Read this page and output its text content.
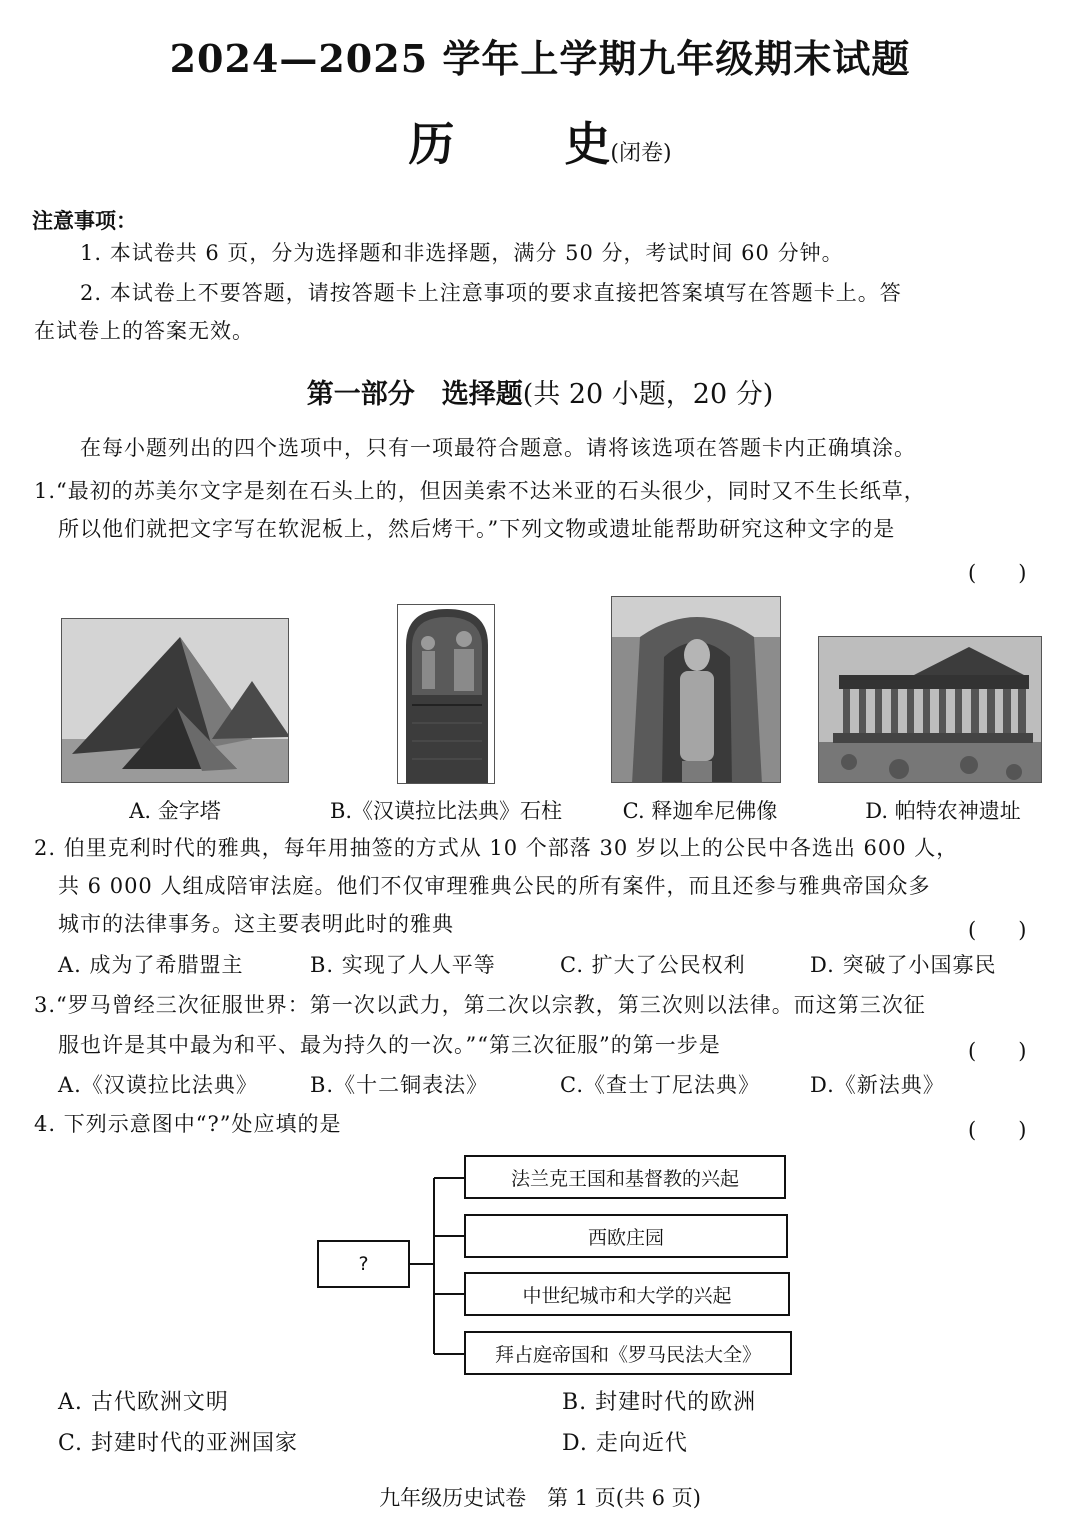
2024—2025 学年上学期九年级期末试题
历 史(闭卷)
注意事项：
1. 本试卷共 6 页，分为选择题和非选择题，满分 50 分，考试时间 60 分钟。
2. 本试卷上不要答题，请按答题卡上注意事项的要求直接把答案填写在答题卡上。答
在试卷上的答案无效。
第一部分　选择题(共 20 小题，20 分)
在每小题列出的四个选项中，只有一项最符合题意。请将该选项在答题卡内正确填涂。
1.“最初的苏美尔文字是刻在石头上的，但因美索不达米亚的石头很少，同时又不生长纸草，
所以他们就把文字写在软泥板上，然后烤干。”下列文物或遗址能帮助研究这种文字的是
(　　)
A. 金字塔	B.《汉谟拉比法典》石柱	C. 释迦牟尼佛像	D. 帕特农神遗址
2. 伯里克利时代的雅典，每年用抽签的方式从 10 个部落 30 岁以上的公民中各选出 600 人，
共 6 000 人组成陪审法庭。他们不仅审理雅典公民的所有案件，而且还参与雅典帝国众多
城市的法律事务。这主要表明此时的雅典	(　　)
A. 成为了希腊盟主	B. 实现了人人平等	C. 扩大了公民权利	D. 突破了小国寡民
3.“罗马曾经三次征服世界：第一次以武力，第二次以宗教，第三次则以法律。而这第三次征
服也许是其中最为和平、最为持久的一次。”“第三次征服”的第一步是	(　　)
A.《汉谟拉比法典》 B.《十二铜表法》	C.《查士丁尼法典》 D.《新法典》
4. 下列示意图中“?”处应填的是	(　　)
?
法兰克王国和基督教的兴起
西欧庄园
中世纪城市和大学的兴起
拜占庭帝国和《罗马民法大全》
A. 古代欧洲文明	B. 封建时代的欧洲
C. 封建时代的亚洲国家	D. 走向近代
九年级历史试卷　第 1 页(共 6 页)
